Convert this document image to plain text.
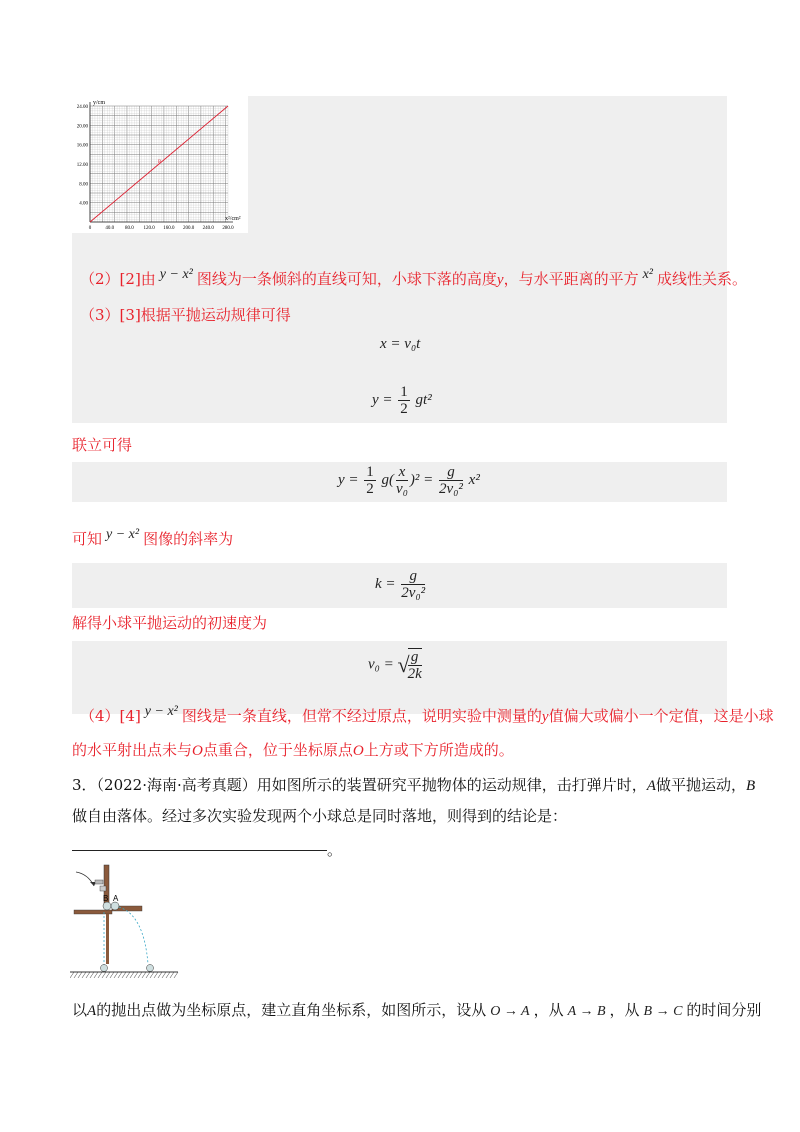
y/cm
x²/cm²
4.00
8.00
12.00
16.00
20.00
24.00
0	40.0 80.0 120.0 160.0 200.0 240.0 280.0
B
（2）[2]由 y − x² 图线为一条倾斜的直线可知，小球下落的高度y，与水平距离的平方 x² 成线性关系。
（3）[3]根据平抛运动规律可得
x = v₀t
$y = \frac{1}{2} gt^2$
联立可得
$y = \frac{1}{2} g( \frac{x}{\text{v₀}} )^2 = \frac{g}{\text{2v₀²}} x^2$
可知 y − x² 图像的斜率为
$k = \frac{g}{\text{2v₀²}}$
解得小球平抛运动的初速度为
v₀ = √
$\frac{g}{2k}$
（4）[4] y − x² 图线是一条直线，但常不经过原点，说明实验中测量的y值偏大或偏小一个定值，这是小球
的水平射出点未与O点重合，位于坐标原点O上方或下方所造成的。
3．（2022·海南·高考真题）用如图所示的装置研究平抛物体的运动规律，击打弹片时，A做平抛运动，B
做自由落体。经过多次实验发现两个小球总是同时落地，则得到的结论是：
。
B A
以A的抛出点做为坐标原点，建立直角坐标系，如图所示，设从 O → A ，从 A → B ，从 B → C 的时间分别
